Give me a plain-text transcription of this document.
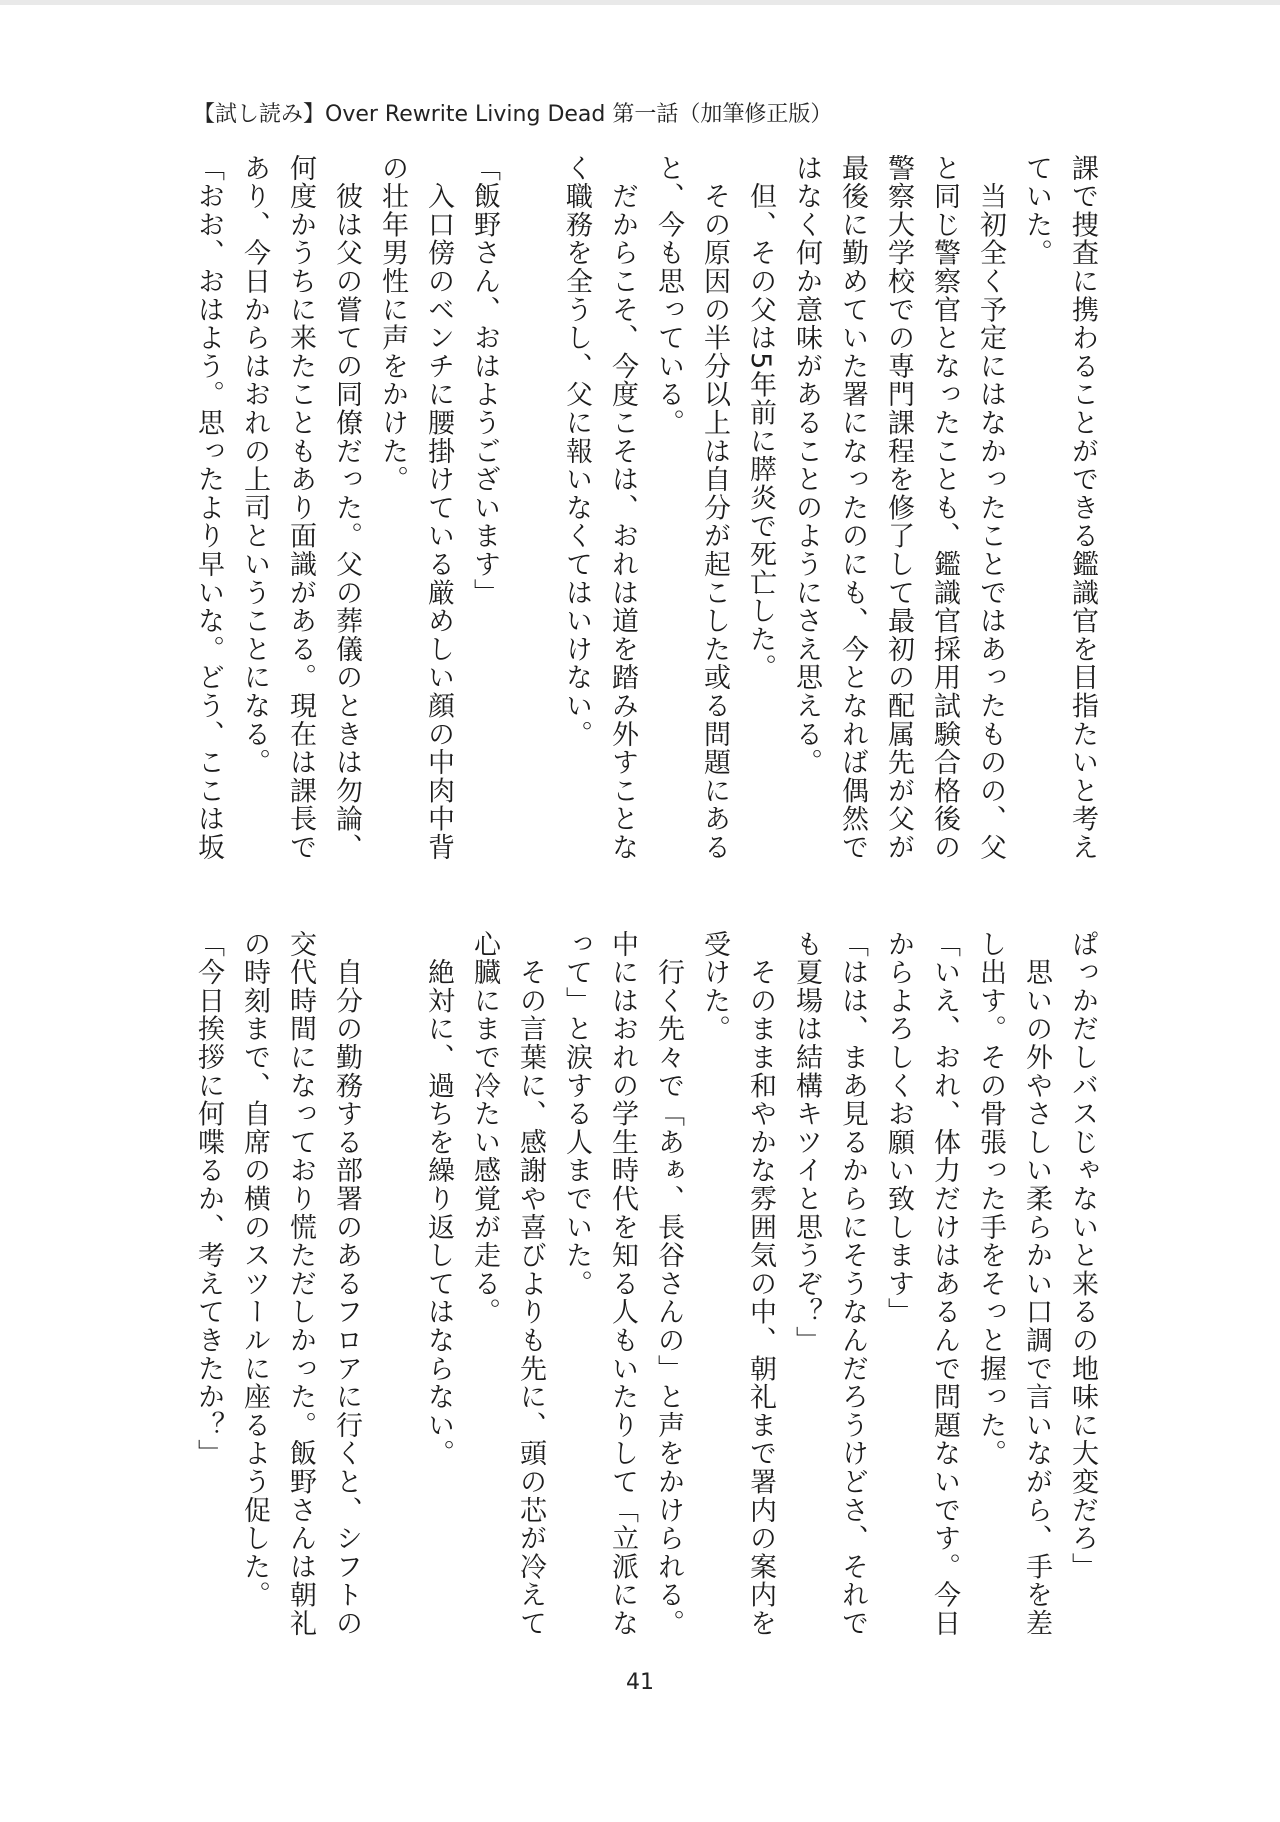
【試し読み】Over Rewrite Living Dead 第一話（加筆修正版）
課で捜査に携わることができる鑑識官を目指たいと考え
ていた。
　当初全く予定にはなかったことではあったものの、父
と同じ警察官となったことも、鑑識官採用試験合格後の
警察大学校での専門課程を修了して最初の配属先が父が
最後に勤めていた署になったのにも、今となれば偶然で
はなく何か意味があることのようにさえ思える。
　但、その父は5年前に膵炎で死亡した。
　その原因の半分以上は自分が起こした或る問題にある
と、今も思っている。
　だからこそ、今度こそは、おれは道を踏み外すことな
く職務を全うし、父に報いなくてはいけない。

「飯野さん、おはようございます」
　入口傍のベンチに腰掛けている厳めしい顔の中肉中背
の壮年男性に声をかけた。
　彼は父の嘗ての同僚だった。父の葬儀のときは勿論、
何度かうちに来たこともあり面識がある。現在は課長で
あり、今日からはおれの上司ということになる。
「おお、おはよう。思ったより早いな。どう、ここは坂
ぱっかだしバスじゃないと来るの地味に大変だろ」
　思いの外やさしい柔らかい口調で言いながら、手を差
し出す。その骨張った手をそっと握った。
「いえ、おれ、体力だけはあるんで問題ないです。今日
からよろしくお願い致します」
「はは、まあ見るからにそうなんだろうけどさ、それで
も夏場は結構キツイと思うぞ？」
　そのまま和やかな雰囲気の中、朝礼まで署内の案内を
受けた。
　行く先々で「あぁ、長谷さんの」と声をかけられる。
中にはおれの学生時代を知る人もいたりして「立派にな
って」と涙する人までいた。
　その言葉に、感謝や喜びよりも先に、頭の芯が冷えて
心臓にまで冷たい感覚が走る。
　絶対に、過ちを繰り返してはならない。

　自分の勤務する部署のあるフロアに行くと、シフトの
交代時間になっており慌ただしかった。飯野さんは朝礼
の時刻まで、自席の横のスツールに座るよう促した。
「今日挨拶に何喋るか、考えてきたか？」
41
